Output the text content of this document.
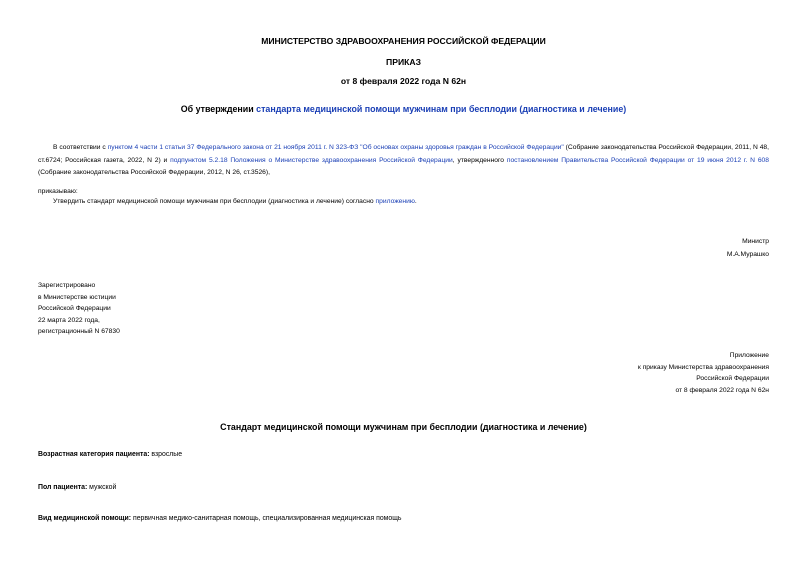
МИНИСТЕРСТВО ЗДРАВООХРАНЕНИЯ РОССИЙСКОЙ ФЕДЕРАЦИИ
ПРИКАЗ
от 8 февраля 2022 года N 62н
Об утверждении стандарта медицинской помощи мужчинам при бесплодии (диагностика и лечение)
В соответствии с пунктом 4 части 1 статьи 37 Федерального закона от 21 ноября 2011 г. N 323-ФЗ "Об основах охраны здоровья граждан в Российской Федерации" (Собрание законодательства Российской Федерации, 2011, N 48, ст.6724; Российская газета, 2022, N 2) и подпунктом 5.2.18 Положения о Министерстве здравоохранения Российской Федерации, утвержденного постановлением Правительства Российской Федерации от 19 июня 2012 г. N 608 (Собрание законодательства Российской Федерации, 2012, N 26, ст.3526),
приказываю:
Утвердить стандарт медицинской помощи мужчинам при бесплодии (диагностика и лечение) согласно приложению.
Министр
М.А.Мурашко
Зарегистрировано
в Министерстве юстиции
Российской Федерации
22 марта 2022 года,
регистрационный N 67830
Приложение
к приказу Министерства здравоохранения
Российской Федерации
от 8 февраля 2022 года N 62н
Стандарт медицинской помощи мужчинам при бесплодии (диагностика и лечение)
Возрастная категория пациента: взрослые
Пол пациента: мужской
Вид медицинской помощи: первичная медико-санитарная помощь, специализированная медицинская помощь
